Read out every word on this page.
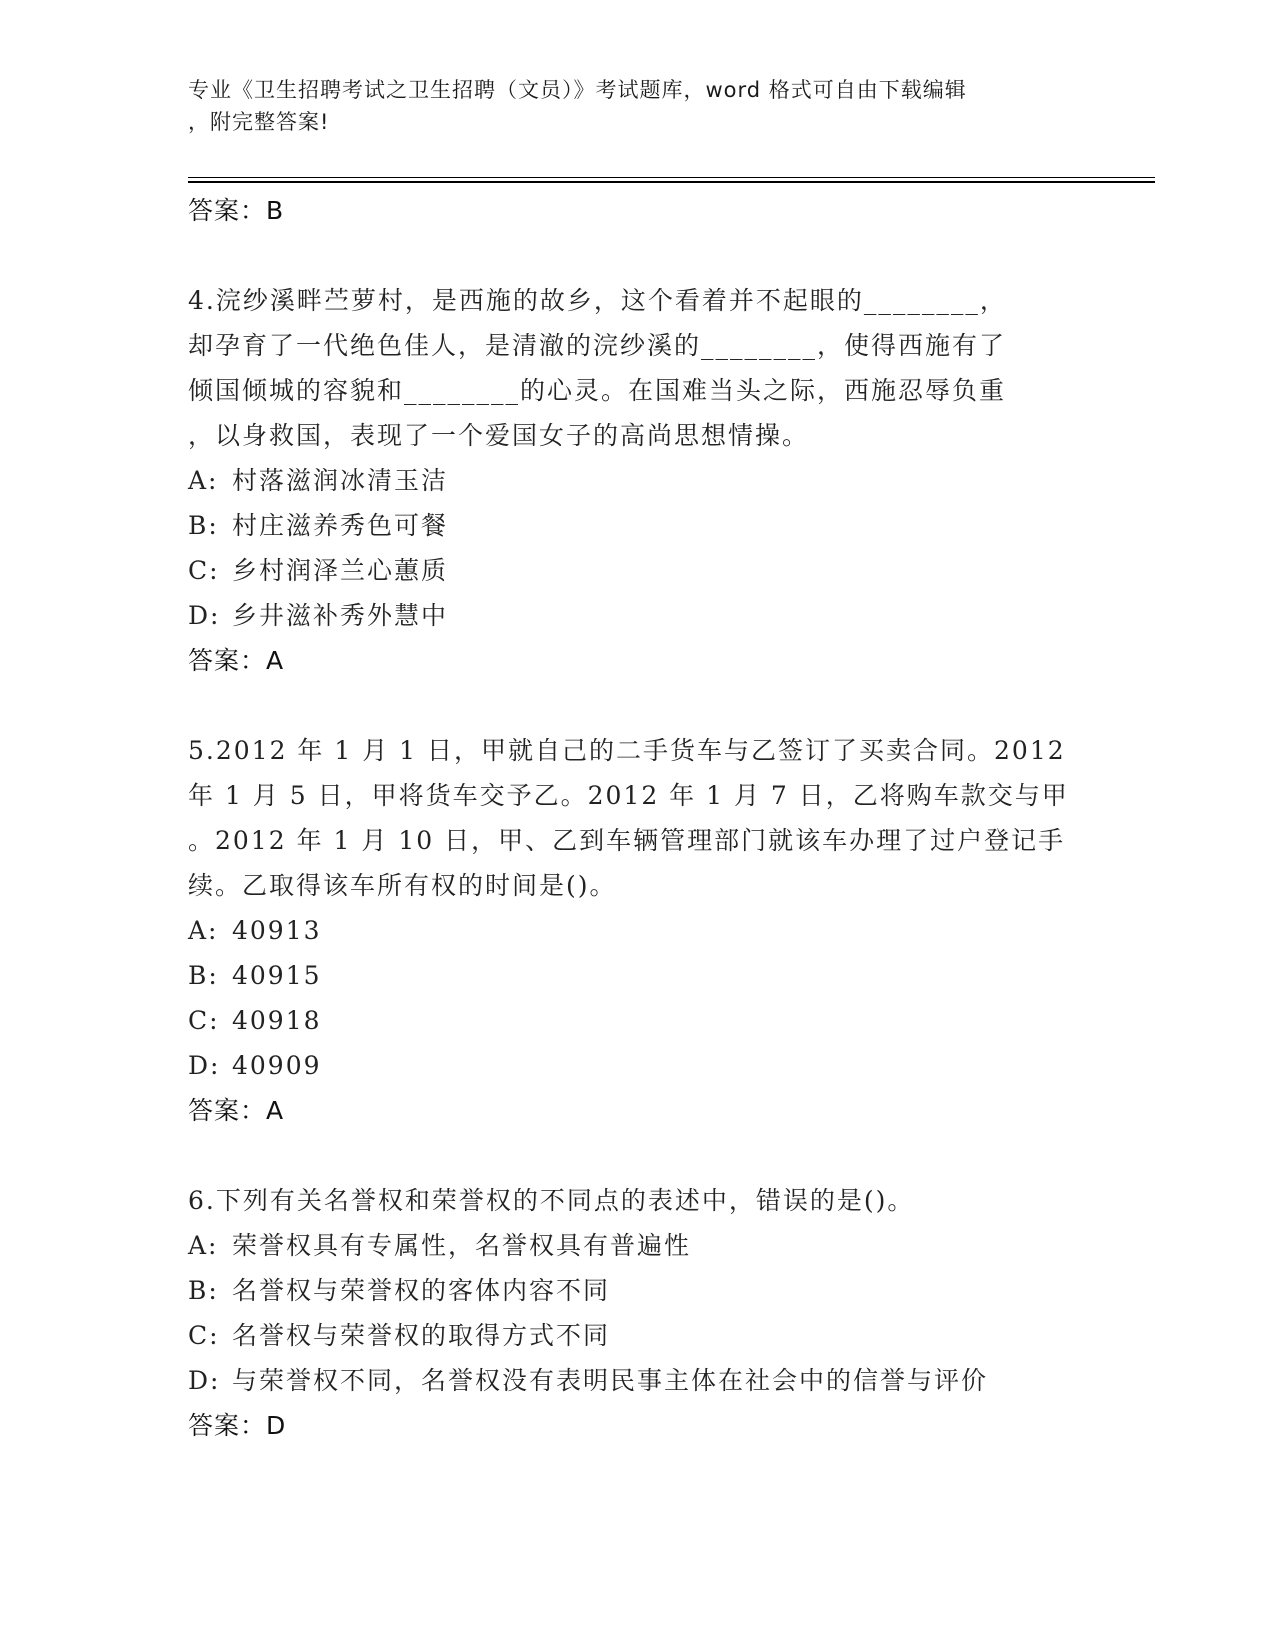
专业《卫生招聘考试之卫生招聘（文员）》考试题库，word 格式可自由下载编辑
，附完整答案!
答案：B
4.浣纱溪畔苎萝村，是西施的故乡，这个看着并不起眼的________，
却孕育了一代绝色佳人，是清澈的浣纱溪的________，使得西施有了
倾国倾城的容貌和________的心灵。在国难当头之际，西施忍辱负重
，以身救国，表现了一个爱国女子的高尚思想情操。
A: 村落滋润冰清玉洁
B: 村庄滋养秀色可餐
C: 乡村润泽兰心蕙质
D: 乡井滋补秀外慧中
答案：A
5.2012 年 1 月 1 日，甲就自己的二手货车与乙签订了买卖合同。2012
年 1 月 5 日，甲将货车交予乙。2012 年 1 月 7 日，乙将购车款交与甲
。2012 年 1 月 10 日，甲、乙到车辆管理部门就该车办理了过户登记手
续。乙取得该车所有权的时间是()。
A: 40913
B: 40915
C: 40918
D: 40909
答案：A
6.下列有关名誉权和荣誉权的不同点的表述中，错误的是()。
A: 荣誉权具有专属性，名誉权具有普遍性
B: 名誉权与荣誉权的客体内容不同
C: 名誉权与荣誉权的取得方式不同
D: 与荣誉权不同，名誉权没有表明民事主体在社会中的信誉与评价
答案：D
